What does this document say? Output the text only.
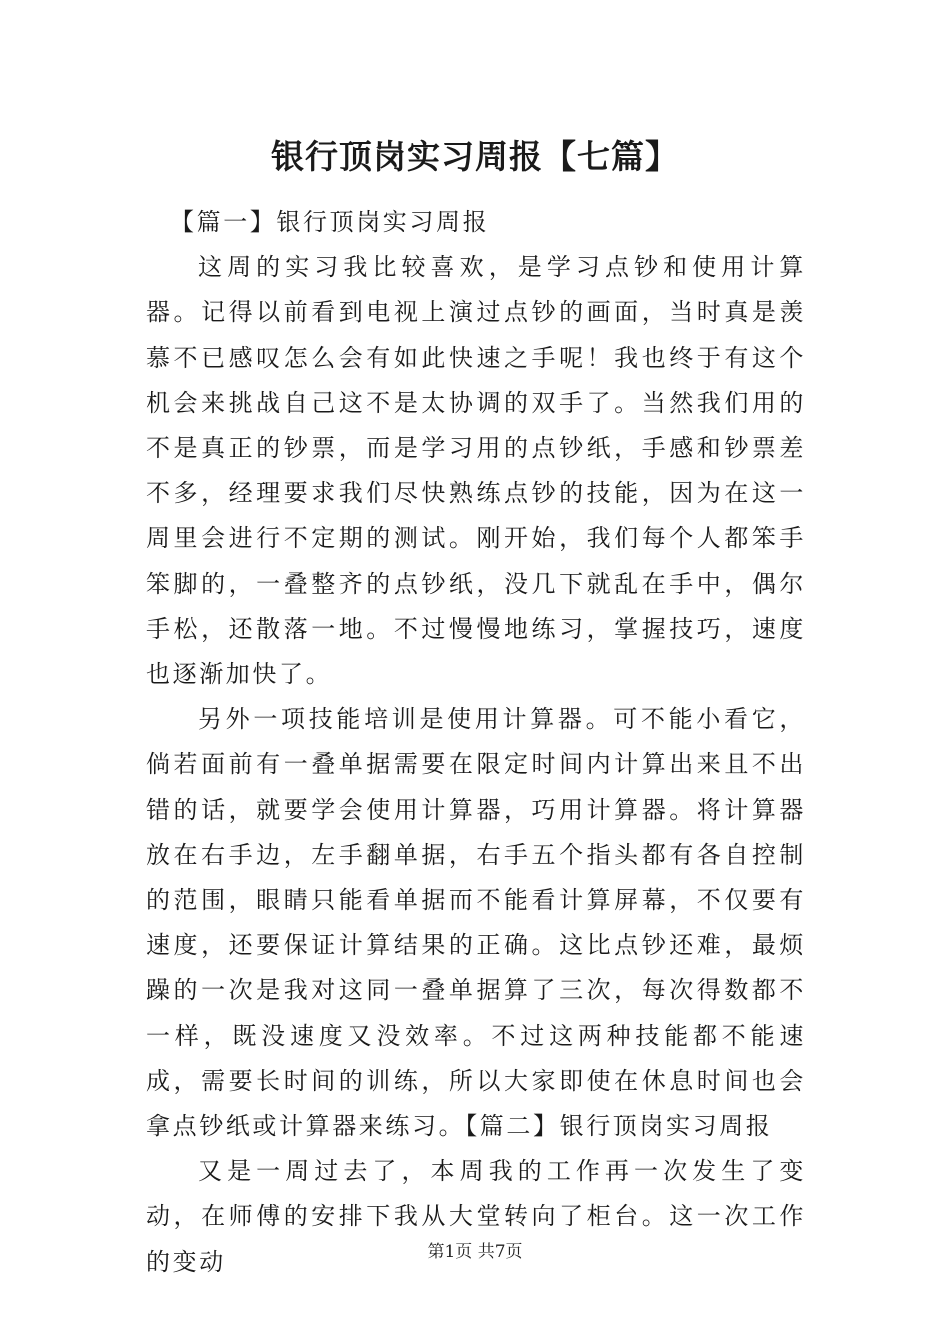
银行顶岗实习周报【七篇】

【篇一】银行顶岗实习周报

这周的实习我比较喜欢，是学习点钞和使用计算器。记得以前看到电视上演过点钞的画面，当时真是羡慕不已感叹怎么会有如此快速之手呢！我也终于有这个机会来挑战自己这不是太协调的双手了。当然我们用的不是真正的钞票，而是学习用的点钞纸，手感和钞票差不多，经理要求我们尽快熟练点钞的技能，因为在这一周里会进行不定期的测试。刚开始，我们每个人都笨手笨脚的，一叠整齐的点钞纸，没几下就乱在手中，偶尔手松，还散落一地。不过慢慢地练习，掌握技巧，速度也逐渐加快了。

另外一项技能培训是使用计算器。可不能小看它，倘若面前有一叠单据需要在限定时间内计算出来且不出错的话，就要学会使用计算器，巧用计算器。将计算器放在右手边，左手翻单据，右手五个指头都有各自控制的范围，眼睛只能看单据而不能看计算屏幕，不仅要有速度，还要保证计算结果的正确。这比点钞还难，最烦躁的一次是我对这同一叠单据算了三次，每次得数都不一样，既没速度又没效率。不过这两种技能都不能速成，需要长时间的训练，所以大家即使在休息时间也会拿点钞纸或计算器来练习。【篇二】银行顶岗实习周报

又是一周过去了，本周我的工作再一次发生了变动，在师傅的安排下我从大堂转向了柜台。这一次工作的变动	第1页 共7页
